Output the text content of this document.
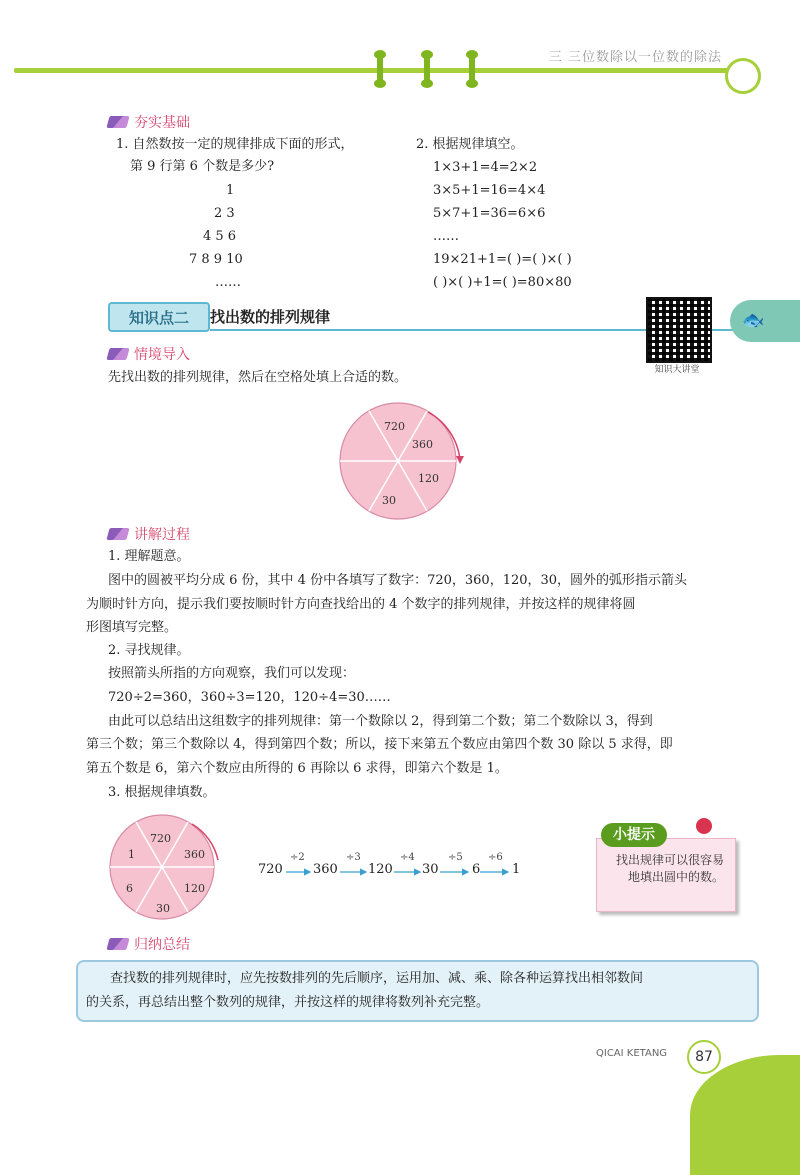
三 三位数除以一位数的除法
夯实基础
1. 自然数按一定的规律排成下面的形式，
第 9 行第 6 个数是多少?
1
2 3
4 5 6
7 8 9 10
……
2. 根据规律填空。
1×3+1=4=2×2
3×5+1=16=4×4
5×7+1=36=6×6
……
19×21+1=( )=( )×( )
( )×( )+1=( )=80×80
知识点二	找出数的排列规律
知识大讲堂
🐟
情境导入
先找出数的排列规律，然后在空格处填上合适的数。
720
360
120
30
讲解过程
1. 理解题意。
图中的圆被平均分成 6 份，其中 4 份中各填写了数字：720，360，120，30，圆外的弧形指示箭头
为顺时针方向，提示我们要按顺时针方向查找给出的 4 个数字的排列规律，并按这样的规律将圆
形图填写完整。
2. 寻找规律。
按照箭头所指的方向观察，我们可以发现：
720÷2=360，360÷3=120，120÷4=30……
由此可以总结出这组数字的排列规律：第一个数除以 2，得到第二个数；第二个数除以 3，得到
第三个数；第三个数除以 4，得到第四个数；所以，接下来第五个数应由第四个数 30 除以 5 求得，即
第五个数是 6，第六个数应由所得的 6 再除以 6 求得，即第六个数是 1。
3. 根据规律填数。
720
360
120
30
6
1
720 360 120 30	6 1
÷2	÷3	÷4	÷5	÷6
小提示
找出规律可以很容易地填出圆中的数。
归纳总结
查找数的排列规律时，应先按数排列的先后顺序，运用加、减、乘、除各种运算找出相邻数间
的关系，再总结出整个数列的规律，并按这样的规律将数列补充完整。
QICAI KETANG	87
